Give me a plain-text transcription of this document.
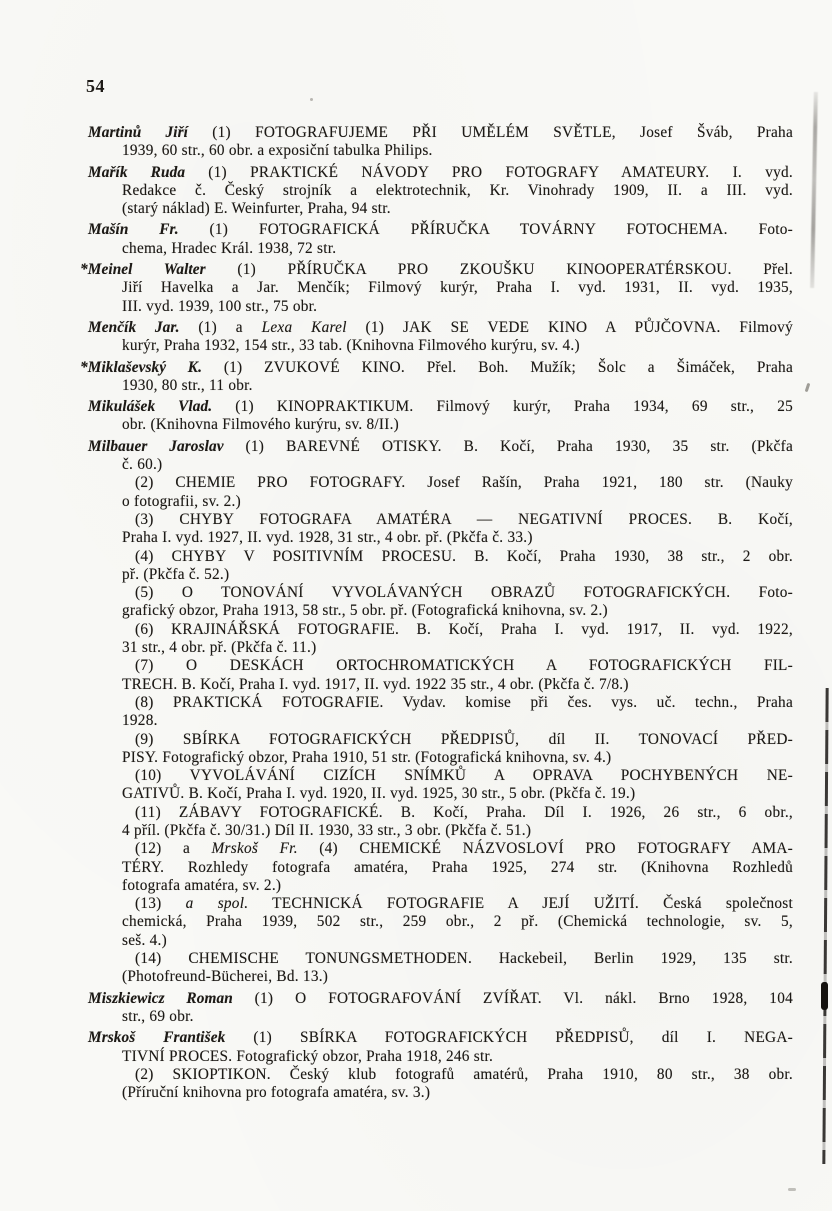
54
Martinů Jiří (1) FOTOGRAFUJEME PŘI UMĚLÉM SVĚTLE, Josef Šváb, Praha
1939, 60 str., 60 obr. a exposiční tabulka Philips.
Mařík Ruda (1) PRAKTICKÉ NÁVODY PRO FOTOGRAFY AMATEURY. I. vyd.
Redakce č. Český strojník a elektrotechnik, Kr. Vinohrady 1909, II. a III. vyd.
(starý náklad) E. Weinfurter, Praha, 94 str.
Mašín Fr. (1) FOTOGRAFICKÁ PŘÍRUČKA TOVÁRNY FOTOCHEMA. Foto-
chema, Hradec Král. 1938, 72 str.
*Meinel Walter (1) PŘÍRUČKA PRO ZKOUŠKU KINOOPERATÉRSKOU. Přel.
Jiří Havelka a Jar. Menčík; Filmový kurýr, Praha I. vyd. 1931, II. vyd. 1935,
III. vyd. 1939, 100 str., 75 obr.
Menčík Jar. (1) a Lexa Karel (1) JAK SE VEDE KINO A PŮJČOVNA. Filmový
kurýr, Praha 1932, 154 str., 33 tab. (Knihovna Filmového kurýru, sv. 4.)
*Miklaševský K. (1) ZVUKOVÉ KINO. Přel. Boh. Mužík; Šolc a Šimáček, Praha
1930, 80 str., 11 obr.
Mikulášek Vlad. (1) KINOPRAKTIKUM. Filmový kurýr, Praha 1934, 69 str., 25
obr. (Knihovna Filmového kurýru, sv. 8/II.)
Milbauer Jaroslav (1) BAREVNÉ OTISKY. B. Kočí, Praha 1930, 35 str. (Pkčfa
č. 60.)
(2) CHEMIE PRO FOTOGRAFY. Josef Rašín, Praha 1921, 180 str. (Nauky
o fotografii, sv. 2.)
(3) CHYBY FOTOGRAFA AMATÉRA — NEGATIVNÍ PROCES. B. Kočí,
Praha I. vyd. 1927, II. vyd. 1928, 31 str., 4 obr. př. (Pkčfa č. 33.)
(4) CHYBY V POSITIVNÍM PROCESU. B. Kočí, Praha 1930, 38 str., 2 obr.
př. (Pkčfa č. 52.)
(5) O TONOVÁNÍ VYVOLÁVANÝCH OBRAZŮ FOTOGRAFICKÝCH. Foto-
grafický obzor, Praha 1913, 58 str., 5 obr. př. (Fotografická knihovna, sv. 2.)
(6) KRAJINÁŘSKÁ FOTOGRAFIE. B. Kočí, Praha I. vyd. 1917, II. vyd. 1922,
31 str., 4 obr. př. (Pkčfa č. 11.)
(7) O DESKÁCH ORTOCHROMATICKÝCH A FOTOGRAFICKÝCH FIL-
TRECH. B. Kočí, Praha I. vyd. 1917, II. vyd. 1922 35 str., 4 obr. (Pkčfa č. 7/8.)
(8) PRAKTICKÁ FOTOGRAFIE. Vydav. komise při čes. vys. uč. techn., Praha
1928.
(9) SBÍRKA FOTOGRAFICKÝCH PŘEDPISŮ, díl II. TONOVACÍ PŘED-
PISY. Fotografický obzor, Praha 1910, 51 str. (Fotografická knihovna, sv. 4.)
(10) VYVOLÁVÁNÍ CIZÍCH SNÍMKŮ A OPRAVA POCHYBENÝCH NE-
GATIVŮ. B. Kočí, Praha I. vyd. 1920, II. vyd. 1925, 30 str., 5 obr. (Pkčfa č. 19.)
(11) ZÁBAVY FOTOGRAFICKÉ. B. Kočí, Praha. Díl I. 1926, 26 str., 6 obr.,
4 příl. (Pkčfa č. 30/31.) Díl II. 1930, 33 str., 3 obr. (Pkčfa č. 51.)
(12) a Mrskoš Fr. (4) CHEMICKÉ NÁZVOSLOVÍ PRO FOTOGRAFY AMA-
TÉRY. Rozhledy fotografa amatéra, Praha 1925, 274 str. (Knihovna Rozhledů
fotografa amatéra, sv. 2.)
(13) a spol. TECHNICKÁ FOTOGRAFIE A JEJÍ UŽITÍ. Česká společnost
chemická, Praha 1939, 502 str., 259 obr., 2 př. (Chemická technologie, sv. 5,
seš. 4.)
(14) CHEMISCHE TONUNGSMETHODEN. Hackebeil, Berlin 1929, 135 str.
(Photofreund-Bücherei, Bd. 13.)
Miszkiewicz Roman (1) O FOTOGRAFOVÁNÍ ZVÍŘAT. Vl. nákl. Brno 1928, 104
str., 69 obr.
Mrskoš František (1) SBÍRKA FOTOGRAFICKÝCH PŘEDPISŮ, díl I. NEGA-
TIVNÍ PROCES. Fotografický obzor, Praha 1918, 246 str.
(2) SKIOPTIKON. Český klub fotografů amatérů, Praha 1910, 80 str., 38 obr.
(Příruční knihovna pro fotografa amatéra, sv. 3.)
